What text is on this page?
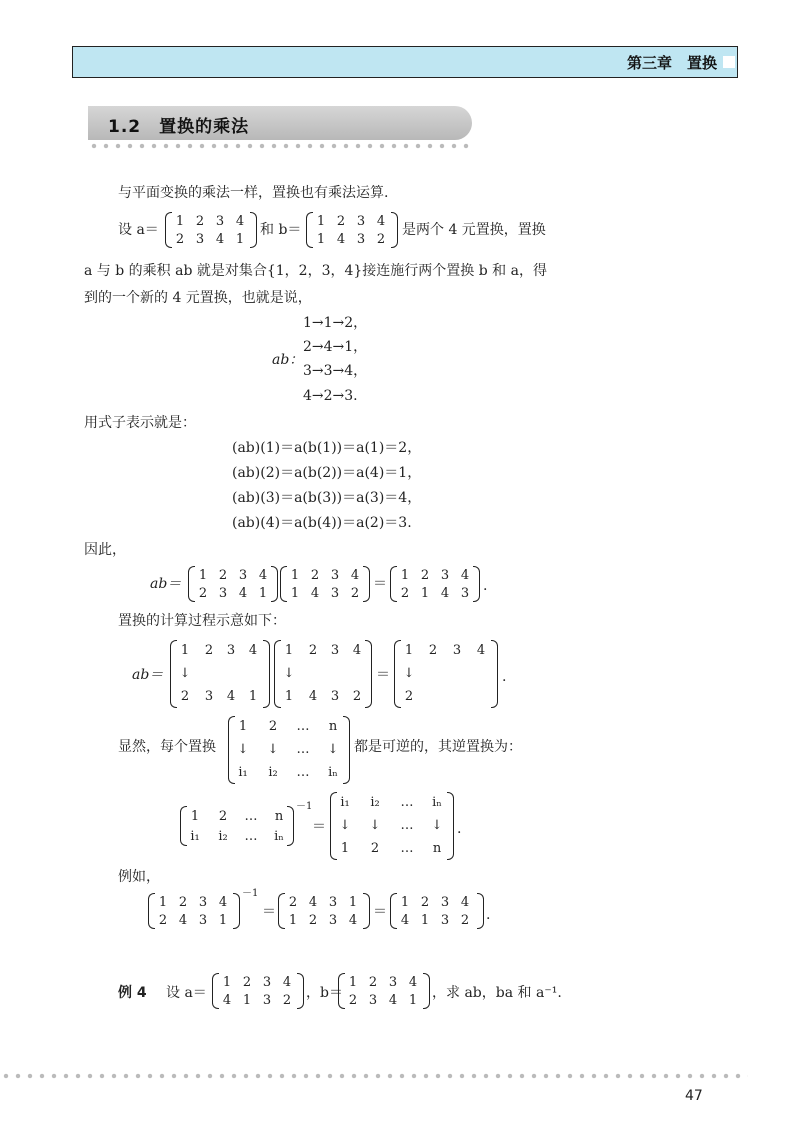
第三章　置换
1.2　置换的乘法
与平面变换的乘法一样，置换也有乘法运算.
设 a＝
1 2 3 4
2 3 4 1
和 b＝
1 2 3 4
1 4 3 2
是两个 4 元置换，置换
a 与 b 的乘积 ab 就是对集合{1，2，3，4}接连施行两个置换 b 和 a，得
到的一个新的 4 元置换，也就是说，
ab：
1→1→2，
2→4→1，
3→3→4，
4→2→3.
用式子表示就是：
(ab)(1)＝a(b(1))＝a(1)＝2，
(ab)(2)＝a(b(2))＝a(4)＝1，
(ab)(3)＝a(b(3))＝a(3)＝4，
(ab)(4)＝a(b(4))＝a(2)＝3.
因此，
ab＝
1 2 3 4
2 3 4 1
1 2 3 4
1 4 3 2
＝
1 2 3 4
2 1 4 3 .
置换的计算过程示意如下：
ab＝
1	2	3	4
↓
2	3	4	1
1	2	3	4
↓
1	4	3	2
＝
1	2	3	4
↓
2
.
显然，每个置换
1	2	…	n
↓ ↓ … ↓
i₁	i₂	…	iₙ
都是可逆的，其逆置换为：
1	2	…	n
i₁	i₂	…	iₙ
－1
＝
i₁	i₂	…	iₙ
↓ ↓ … ↓
1	2	…	n
.
例如，
1 2 3 4
2 4 3 1
－1
＝
2 4 3 1
1 2 3 4
＝
1 2 3 4
4 1 3 2	.
例 4 设 a＝
1 2 3 4
4 1 3 2	，b＝
1 2 3 4
2 3 4 1	，求 ab，ba 和 a⁻¹.
47
